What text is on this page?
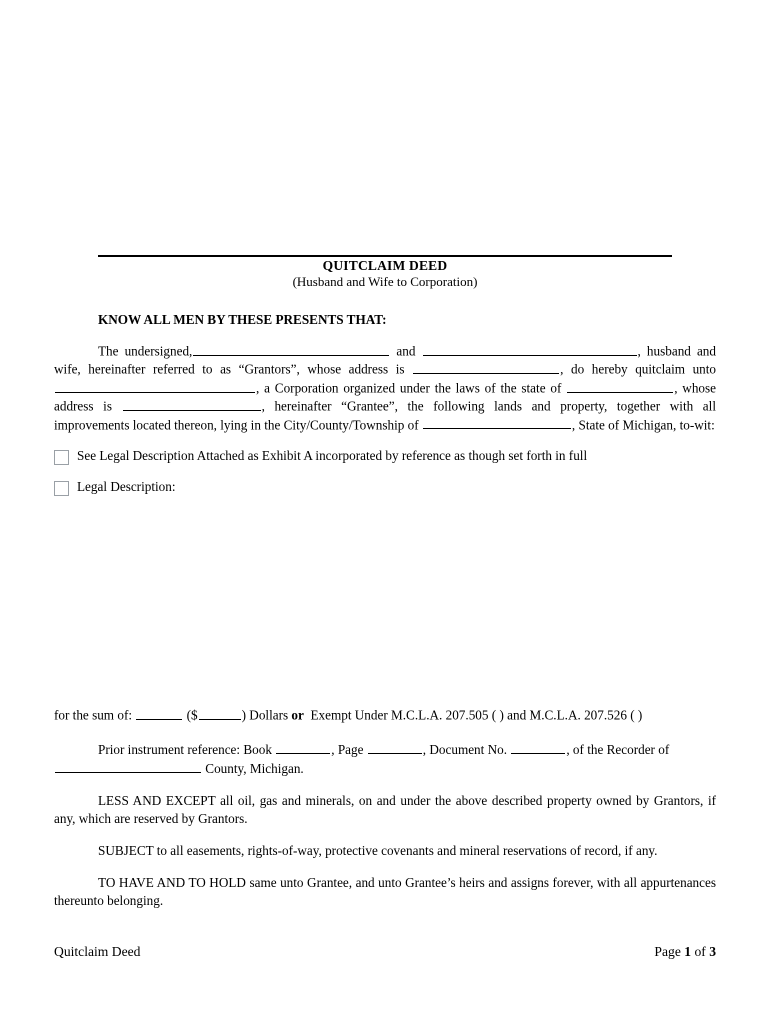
QUITCLAIM DEED
(Husband and Wife to Corporation)
KNOW ALL MEN BY THESE PRESENTS THAT:

The undersigned,	and	, husband and wife, hereinafter referred to as “Grantors”, whose address is	, do hereby quitclaim unto , a Corporation organized under the laws of the state of	, whose address is	, hereinafter “Grantee”, the following lands and property, together with all improvements located thereon, lying in the City/County/Township of	, State of Michigan, to-wit:

See Legal Description Attached as Exhibit A incorporated by reference as though set forth in full
Legal Description:
for the sum of:	($	) Dollars or Exempt Under M.C.L.A. 207.505 ( ) and M.C.L.A. 207.526 ( )
Prior instrument reference: Book	, Page	, Document No.	, of the Recorder of
County, Michigan.

LESS AND EXCEPT all oil, gas and minerals, on and under the above described property owned by Grantors, if any, which are reserved by Grantors.

SUBJECT to all easements, rights-of-way, protective covenants and mineral reservations of record, if any.

TO HAVE AND TO HOLD same unto Grantee, and unto Grantee’s heirs and assigns forever, with all appurtenances thereunto belonging.

Quitclaim Deed	Page 1 of 3
